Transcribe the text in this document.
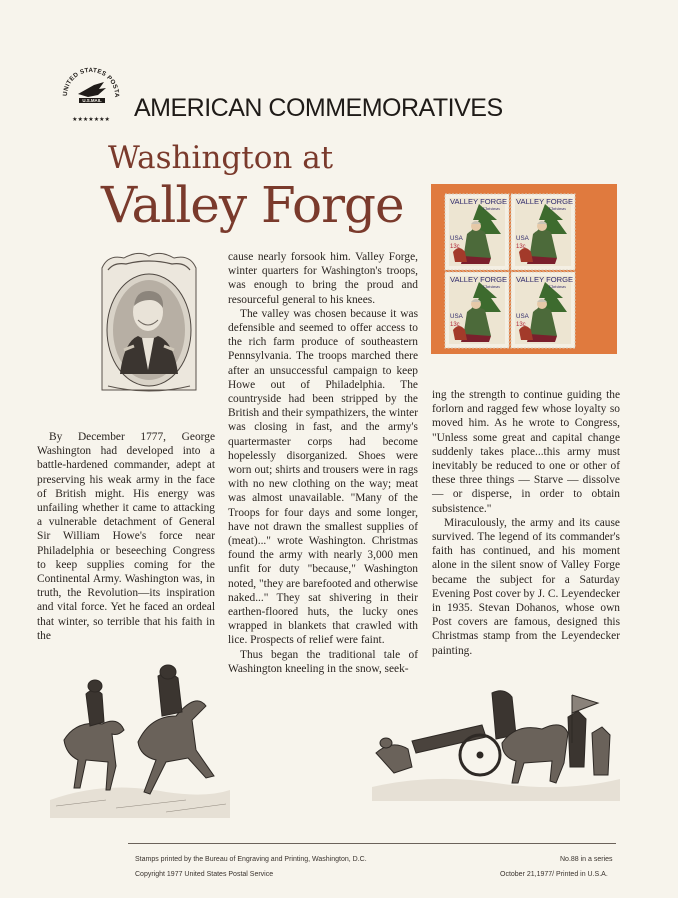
UNITED STATES POSTA
U.S.MAIL
★★★★★★★ AMERICAN COMMEMORATIVES
Washington at
Valley Forge

By December 1777, George Washington had developed into a battle-hardened commander, adept at preserving his weak army in the face of British might. His energy was unfailing whether it came to attacking a vulnerable detachment of General Sir William Howe's force near Philadelphia or beseeching Congress to keep supplies coming for the Continental Army. Washington was, in truth, the Revolution—its inspiration and vital force. Yet he faced an ordeal that winter, so terrible that his faith in the

cause nearly forsook him. Valley Forge, winter quarters for Washington's troops, was enough to bring the proud and resourceful general to his knees.

The valley was chosen because it was defensible and seemed to offer access to the rich farm produce of southeastern Pennsylvania. The troops marched there after an unsuccessful campaign to keep Howe out of Philadelphia. The countryside had been stripped by the British and their sympathizers, the winter was closing in fast, and the army's quartermaster corps had become hopelessly disorganized. Shoes were worn out; shirts and trousers were in rags with no new clothing on the way; meat was almost unavailable. "Many of the Troops for four days and some longer, have not drawn the smallest supplies of (meat)..." wrote Washington. Christmas found the army with nearly 3,000 men unfit for duty "because," Washington noted, "they are barefooted and otherwise naked..." They sat shivering in their earthen-floored huts, the lucky ones wrapped in blankets that crawled with lice. Prospects of relief were faint.

Thus began the traditional tale of Washington kneeling in the snow, seek-

ing the strength to continue guiding the forlorn and ragged few whose loyalty so moved him. As he wrote to Congress, "Unless some great and capital change suddenly takes place...this army must inevitably be reduced to one or other of these three things — Starve — dissolve — or disperse, in order to obtain subsistence."

Miraculously, the army and its cause survived. The legend of its commander's faith has continued, and his moment alone in the silent snow of Valley Forge became the subject for a Saturday Evening Post cover by J. C. Leyendecker in 1935. Stevan Dohanos, whose own Post covers are famous, designed this Christmas stamp from the Leyendecker painting.

VALLEY FORGE
Christmas
USA
13c
VALLEY FORGE
Christmas
USA
13c
VALLEY FORGE
Christmas
USA
13c
VALLEY FORGE
Christmas
USA
13c
Stamps printed by the Bureau of Engraving and Printing, Washington, D.C.
Copyright 1977 United States Postal Service
No.88 in a series
October 21,1977/ Printed in U.S.A.
